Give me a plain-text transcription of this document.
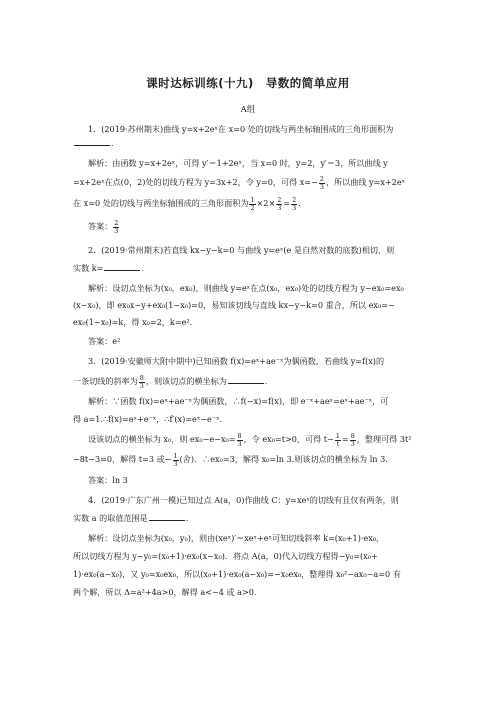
课时达标训练(十九)　导数的简单应用
A组
1．(2019·苏州期末)曲线 y=x+2eˣ在 x=0 处的切线与两坐标轴围成的三角形面积为
.
解析：由函数 y=x+2eˣ，可得 y′＝1+2eˣ，当 x=0 时，y=2，y′＝3，所以曲线 y
=x+2eˣ在点(0，2)处的切线方程为 y=3x+2，令 y=0，可得 $x=- \frac{2}{3}$ ，所以曲线 y=x+2eˣ
在 x=0 处的切线与两坐标轴围成的三角形面积为 $\frac{1}{2} \times 2\times \frac{2}{3} = \frac{2}{3}$ .
答案： $\frac{2}{3}$
2．(2019·常州期末)若直线 kx−y−k=0 与曲线 y=eˣ(e 是自然对数的底数)相切，则
实数 k=	.
解析：设切点坐标为(x₀，ex₀)，则曲线 y=eˣ在点(x₀，ex₀)处的切线方程为 y−ex₀=ex₀
(x−x₀)，即 ex₀x−y+ex₀(1−x₀)=0，易知该切线与直线 kx−y−k=0 重合，所以 ex₀=−
ex₀(1−x₀)=k，得 x₀=2，k=e².
答案：e²
3．(2019·安徽师大附中期中)已知函数 f(x)=eˣ+ae⁻ˣ为偶函数，若曲线 y=f(x)的
一条切线的斜率为 $\frac{8}{3}$ ，则该切点的横坐标为	.
解析：∵函数 f(x)=eˣ+ae⁻ˣ为偶函数，∴f(−x)=f(x)，即 e⁻ˣ+aeˣ=eˣ+ae⁻ˣ，可
得 a=1.∴f(x)=eˣ+e⁻ˣ，∴f′(x)=eˣ−e⁻ˣ.
设该切点的横坐标为 x₀，则 $ex_0-e-x_0= \frac{8}{3}$ ，令 ex₀=t>0，可得 $t- \frac{1}{t} = \frac{8}{3}$ ，整理可得 3t²
−8t−3=0，解得 t=3 或− $\frac{1}{3}$ (舍)．∴ex₀=3，解得 x₀=ln 3.则该切点的横坐标为 ln 3.
答案：ln 3
4．(2019·广东广州一模)已知过点 A(a，0)作曲线 C：y=xeˣ的切线有且仅有两条，则
实数 a 的取值范围是	.
解析：设切点坐标为(x₀，y₀)，则由(xeˣ)′＝xeˣ+eˣ可知切线斜率 k=(x₀+1)·ex₀，
所以切线方程为 y−y₀=(x₀+1)·ex₀(x−x₀)．将点 A(a，0)代入切线方程得−y₀=(x₀+
1)·ex₀(a−x₀)，又 y₀=x₀ex₀，所以(x₀+1)·ex₀(a−x₀)=−x₀ex₀，整理得 x₀²−ax₀−a=0 有
两个解，所以 Δ=a²+4a>0，解得 a<−4 或 a>0.
